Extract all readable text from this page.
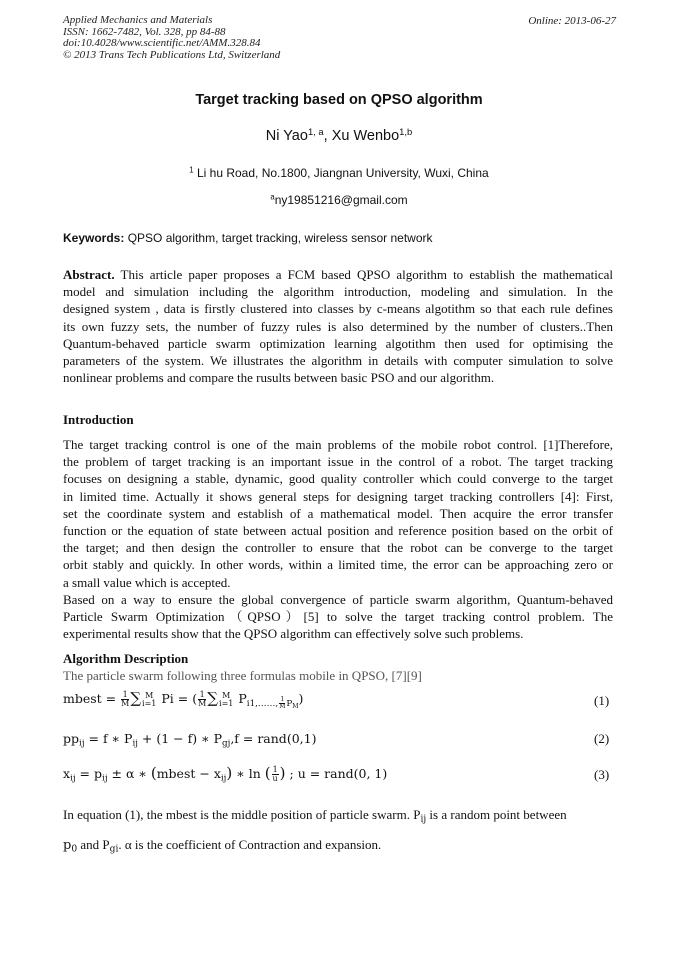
Applied Mechanics and Materials
ISSN: 1662-7482, Vol. 328, pp 84-88
doi:10.4028/www.scientific.net/AMM.328.84
© 2013 Trans Tech Publications Ltd, Switzerland
Online: 2013-06-27
Target tracking based on QPSO algorithm
Ni Yao$^{1, a}$, Xu Wenbo$^{1,b}$
$^1$ Li hu Road, No.1800, Jiangnan University, Wuxi, China
$^a$ny19851216@gmail.com
Keywords: QPSO algorithm, target tracking, wireless sensor network
Abstract. This article paper proposes a FCM based QPSO algorithm to establish the mathematical
model and simulation including the algorithm introduction, modeling and simulation. In the
designed system , data is firstly clustered into classes by c-means algotithm so that each rule defines
its own fuzzy sets, the number of fuzzy rules is also determined by the number of clusters..Then
Quantum-behaved particle swarm optimization learning algotithm then used for optimising the
parameters of the system. We illustrates the algorithm in details with computer simulation to solve
nonlinear problems and compare the rusults between basic PSO and our algorithm.
Introduction
The target tracking control is one of the main problems of the mobile robot control. [1]Therefore,
the problem of target tracking is an important issue in the control of a robot. The target tracking
focuses on designing a stable, dynamic, good quality controller which could converge to the target
in limited time. Actually it shows general steps for designing target tracking controllers [4]: First,
set the coordinate system and establish of a mathematical model. Then acquire the error transfer
function or the equation of state between actual position and reference position based on the orbit of
the target; and then design the controller to ensure that the robot can be converge to the target
orbit stably and quickly. In other words, within a limited time, the error can be approaching zero or
a small value which is accepted.
Based on a way to ensure the global convergence of particle swarm algorithm, Quantum-behaved
Particle Swarm Optimization（QPSO）[5] to solve the target tracking control problem. The
experimental results show that the QPSO algorithm can effectively solve such problems.
Algorithm Description
The particle swarm following three formulas mobile in QPSO, [7][9]
mbest = $\frac{1}{M}$ ∑ M
i=1 Pi = ( $\frac{1}{M}$ ∑ M
i=1 $P_{i1,\dots\dots, \frac{1}{M} P_M}$)	(1)
$pp_{ij} = f$ ∗ $P_{ij} + (1 - f)$ ∗ $P_{gj},f$ = rand(0,1)	(2)
$x_{ij} = p_{ij} \pm \alpha$ ∗ (mbest − $x_{ij}$) ∗ ln ( $\frac{1}{u}$ ) ; u = rand(0, 1)	(3)
In equation (1), the mbest is the middle position of particle swarm. $P_{ij}$ is a random point between
$p_0$ and $P_{gi}$. α is the coefficient of Contraction and expansion.
